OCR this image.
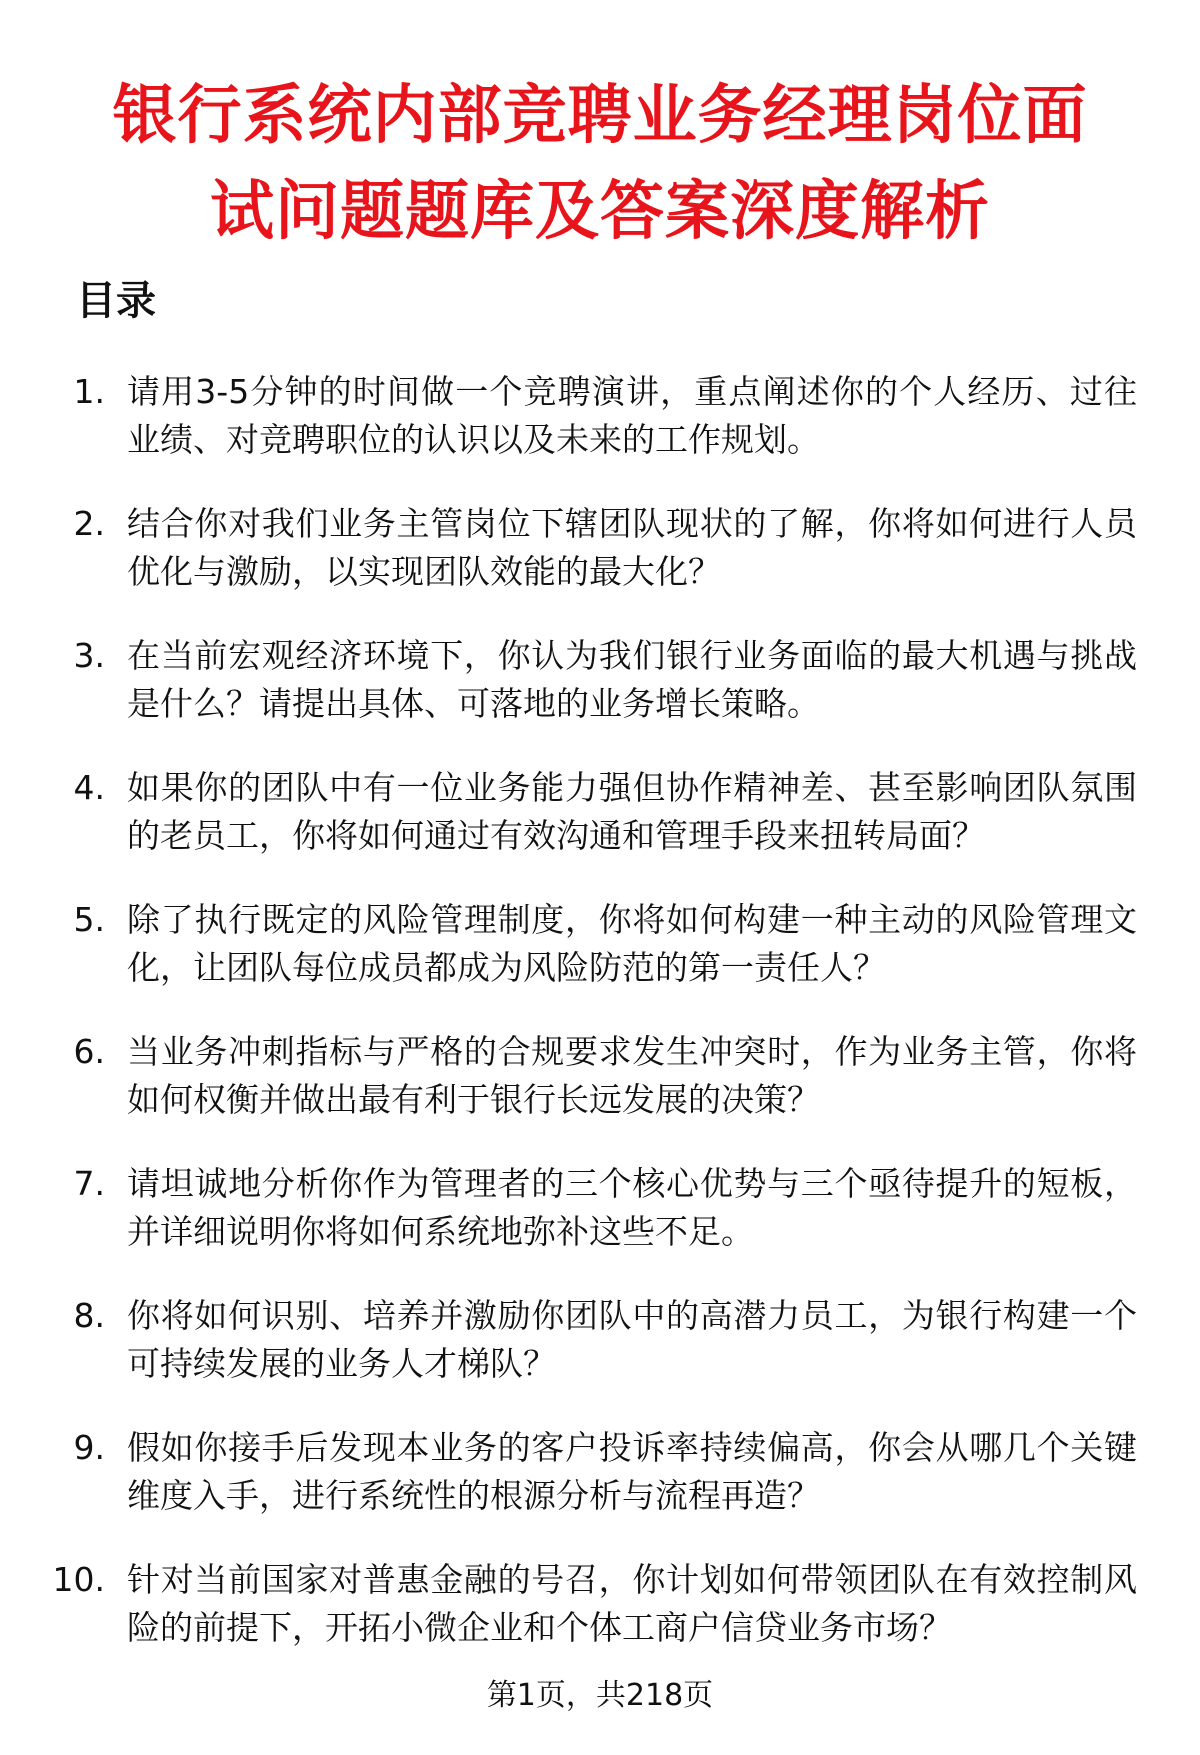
银行系统内部竞聘业务经理岗位面
试问题题库及答案深度解析
目录
1. 请用3-5分钟的时间做一个竞聘演讲，重点阐述你的个人经历、过往业绩、对竞聘职位的认识以及未来的工作规划。
2. 结合你对我们业务主管岗位下辖团队现状的了解，你将如何进行人员优化与激励，以实现团队效能的最大化？
3. 在当前宏观经济环境下，你认为我们银行业务面临的最大机遇与挑战是什么？请提出具体、可落地的业务增长策略。
4. 如果你的团队中有一位业务能力强但协作精神差、甚至影响团队氛围的老员工，你将如何通过有效沟通和管理手段来扭转局面？
5. 除了执行既定的风险管理制度，你将如何构建一种主动的风险管理文化，让团队每位成员都成为风险防范的第一责任人？
6. 当业务冲刺指标与严格的合规要求发生冲突时，作为业务主管，你将如何权衡并做出最有利于银行长远发展的决策？
7. 请坦诚地分析你作为管理者的三个核心优势与三个亟待提升的短板，并详细说明你将如何系统地弥补这些不足。
8. 你将如何识别、培养并激励你团队中的高潜力员工，为银行构建一个可持续发展的业务人才梯队？
9. 假如你接手后发现本业务的客户投诉率持续偏高，你会从哪几个关键维度入手，进行系统性的根源分析与流程再造？
10. 针对当前国家对普惠金融的号召，你计划如何带领团队在有效控制风险的前提下，开拓小微企业和个体工商户信贷业务市场？
第1页，共218页
